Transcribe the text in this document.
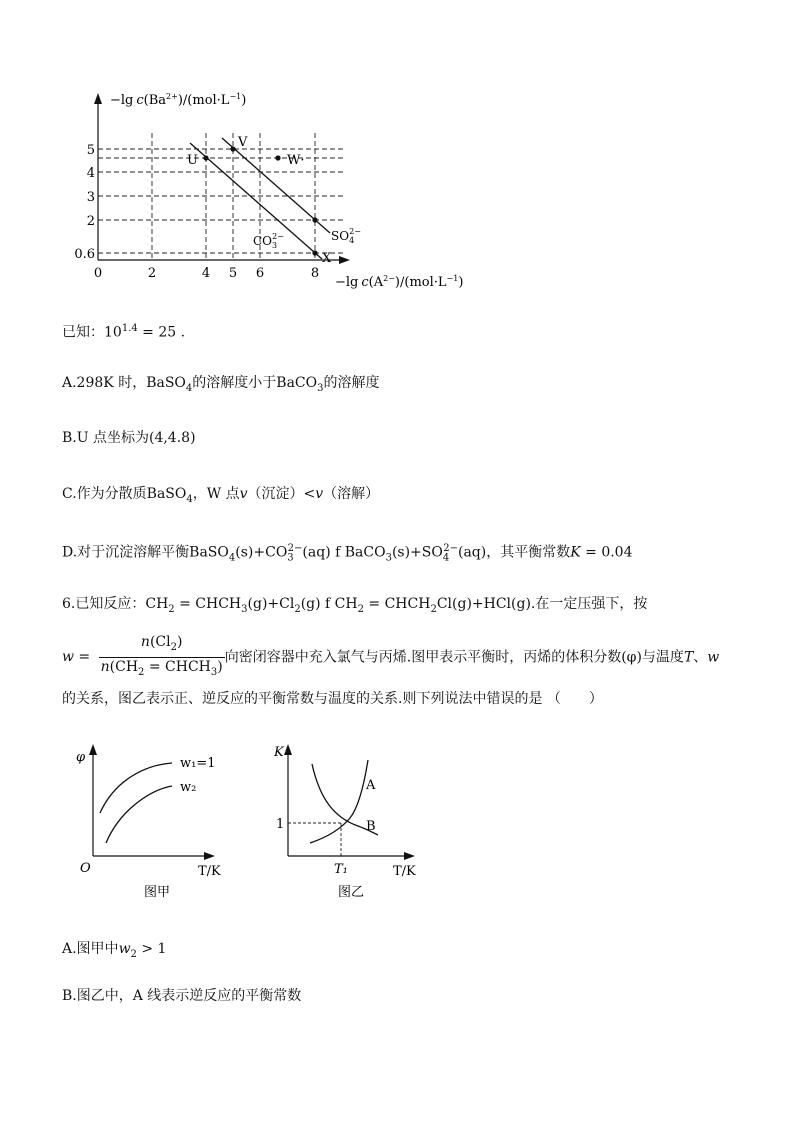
5
4
3
2
0.6
0	2	4 5 6	8
U
V
W·
X
$SO_42-$
$CO_32-$
−lg $c(Ba^{2+})/(mol\cdot L^{-1})$
−lg $c(A^{2-})/(mol\cdot L^{-1})$
已知：$10^{1.4} = 25$ .
A.298K 时，BaSO$_4$的溶解度小于BaCO$_3$的溶解度
B.U 点坐标为(4,4.8)
C.作为分散质BaSO$_4$，W 点v（沉淀）<v（溶解）
D.对于沉淀溶解平衡$BaSO_4(s)+CO_3^{2-}(aq)$ f $BaCO_3(s)+SO_4^{2-}(aq)$，其平衡常数K = 0.04
6.已知反应：$CH_2$ = $CHCH_3(g)+Cl_2(g)$ f $CH_2$ = $CHCH_2Cl(g)+HCl(g)$.在一定压强下，按
$w = \frac{n(Cl_2)}{n(CH_2 = CHCH_3)}$ 向密闭容器中充入氯气与丙烯.图甲表示平衡时，丙烯的体积分数(φ)与温度T、w
的关系，图乙表示正、逆反应的平衡常数与温度的关系.则下列说法中错误的是 （　　）
φ
O	T/K
w₁=1
w₂
图甲
K
T/K
A
B
1
T₁
图乙
A.图甲中$w_2 > 1$
B.图乙中，A 线表示逆反应的平衡常数
